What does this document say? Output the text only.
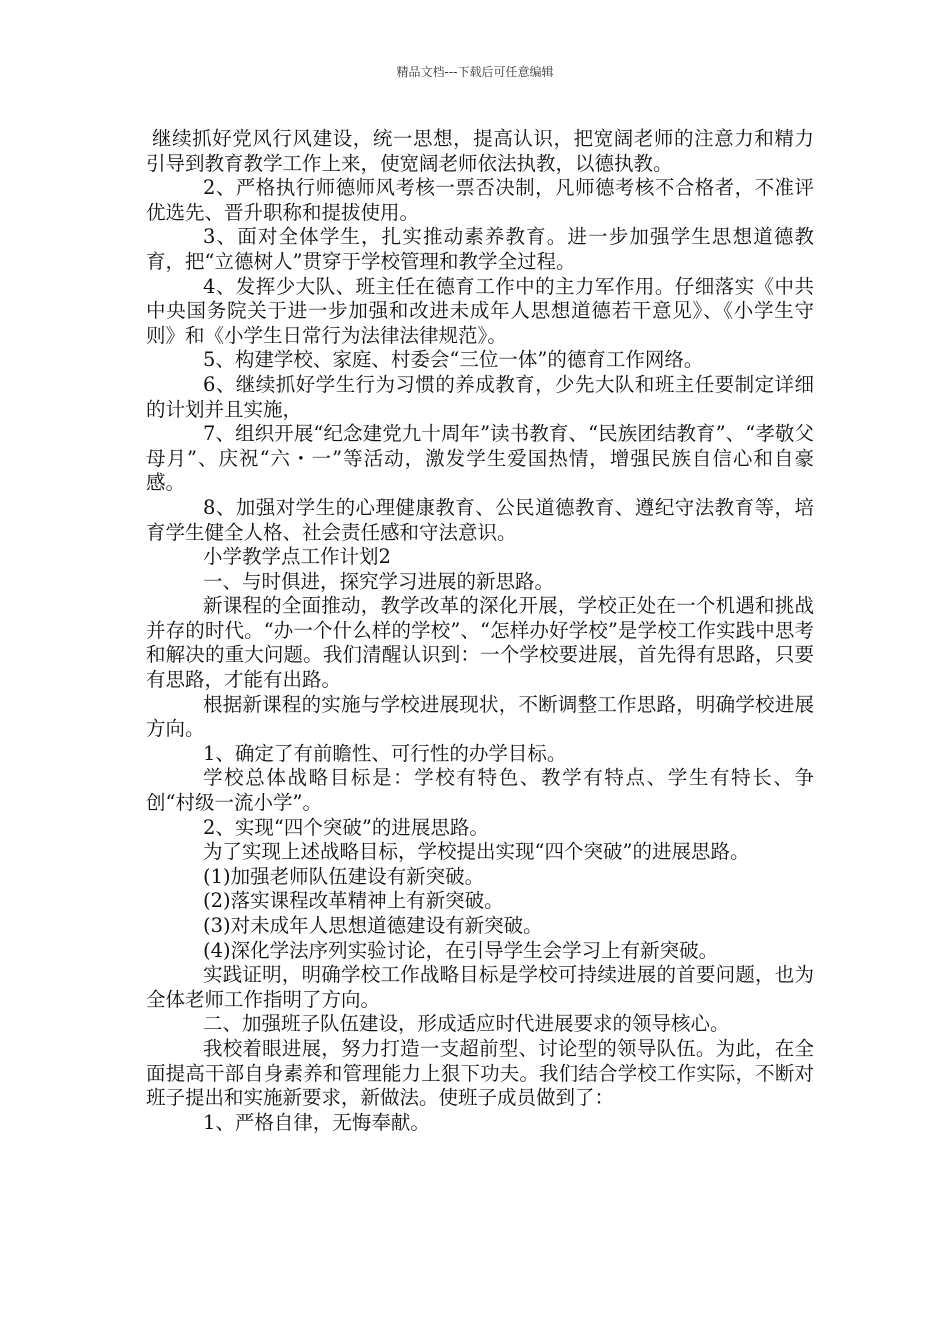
精品文档---下载后可任意编辑

继续抓好党风行风建设，统一思想，提高认识，把宽阔老师的注意力和精力引导到教育教学工作上来，使宽阔老师依法执教，以德执教。

2、严格执行师德师风考核一票否决制，凡师德考核不合格者，不准评优选先、晋升职称和提拔使用。

3、面对全体学生，扎实推动素养教育。进一步加强学生思想道德教育，把“立德树人”贯穿于学校管理和教学全过程。

4、发挥少大队、班主任在德育工作中的主力军作用。仔细落实《中共中央国务院关于进一步加强和改进未成年人思想道德若干意见》、《小学生守则》和《小学生日常行为法律法律规范》。

5、构建学校、家庭、村委会“三位一体”的德育工作网络。

6、继续抓好学生行为习惯的养成教育，少先大队和班主任要制定详细的计划并且实施，

7、组织开展“纪念建党九十周年”读书教育、“民族团结教育”、“孝敬父母月”、庆祝“六・一”等活动，激发学生爱国热情，增强民族自信心和自豪感。

8、加强对学生的心理健康教育、公民道德教育、遵纪守法教育等，培育学生健全人格、社会责任感和守法意识。

小学教学点工作计划2

一、与时俱进，探究学习进展的新思路。

新课程的全面推动，教学改革的深化开展，学校正处在一个机遇和挑战并存的时代。“办一个什么样的学校”、“怎样办好学校”是学校工作实践中思考和解决的重大问题。我们清醒认识到：一个学校要进展，首先得有思路，只要有思路，才能有出路。

根据新课程的实施与学校进展现状，不断调整工作思路，明确学校进展方向。

1、确定了有前瞻性、可行性的办学目标。

学校总体战略目标是：学校有特色、教学有特点、学生有特长、争创“村级一流小学”。

2、实现“四个突破”的进展思路。

为了实现上述战略目标，学校提出实现“四个突破”的进展思路。

(1)加强老师队伍建设有新突破。

(2)落实课程改革精神上有新突破。

(3)对未成年人思想道德建设有新突破。

(4)深化学法序列实验讨论，在引导学生会学习上有新突破。

实践证明，明确学校工作战略目标是学校可持续进展的首要问题，也为全体老师工作指明了方向。

二、加强班子队伍建设，形成适应时代进展要求的领导核心。

我校着眼进展，努力打造一支超前型、讨论型的领导队伍。为此，在全面提高干部自身素养和管理能力上狠下功夫。我们结合学校工作实际，不断对班子提出和实施新要求，新做法。使班子成员做到了：

1、严格自律，无悔奉献。
